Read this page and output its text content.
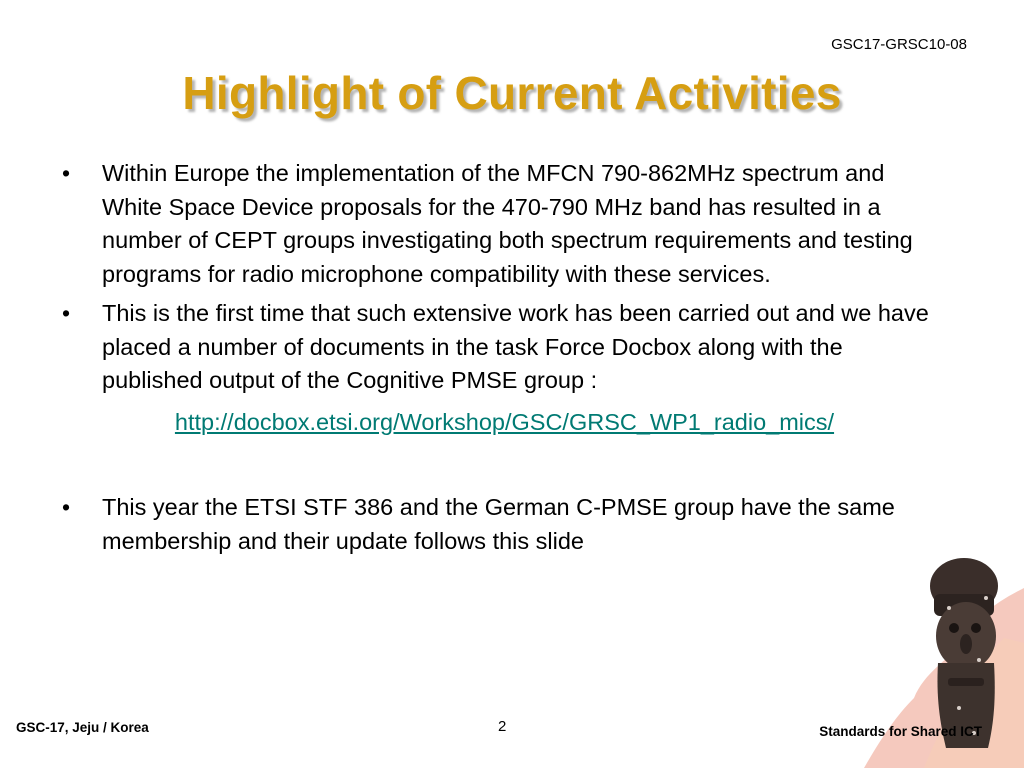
GSC17-GRSC10-08
Highlight of Current Activities
• Within Europe the implementation of the MFCN 790-862MHz spectrum and White Space Device proposals for the 470-790 MHz band has resulted in a number of CEPT groups investigating both spectrum requirements and testing programs for radio microphone compatibility with these services.
• This is the first time that such extensive work has been carried out and we have placed a number of documents in the task Force Docbox along with the published output of the Cognitive PMSE group :
http://docbox.etsi.org/Workshop/GSC/GRSC_WP1_radio_mics/
• This year the ETSI STF 386 and the German C-PMSE group have the same membership and their update follows this slide
GSC-17, Jeju / Korea	2	Standards for Shared ICT
